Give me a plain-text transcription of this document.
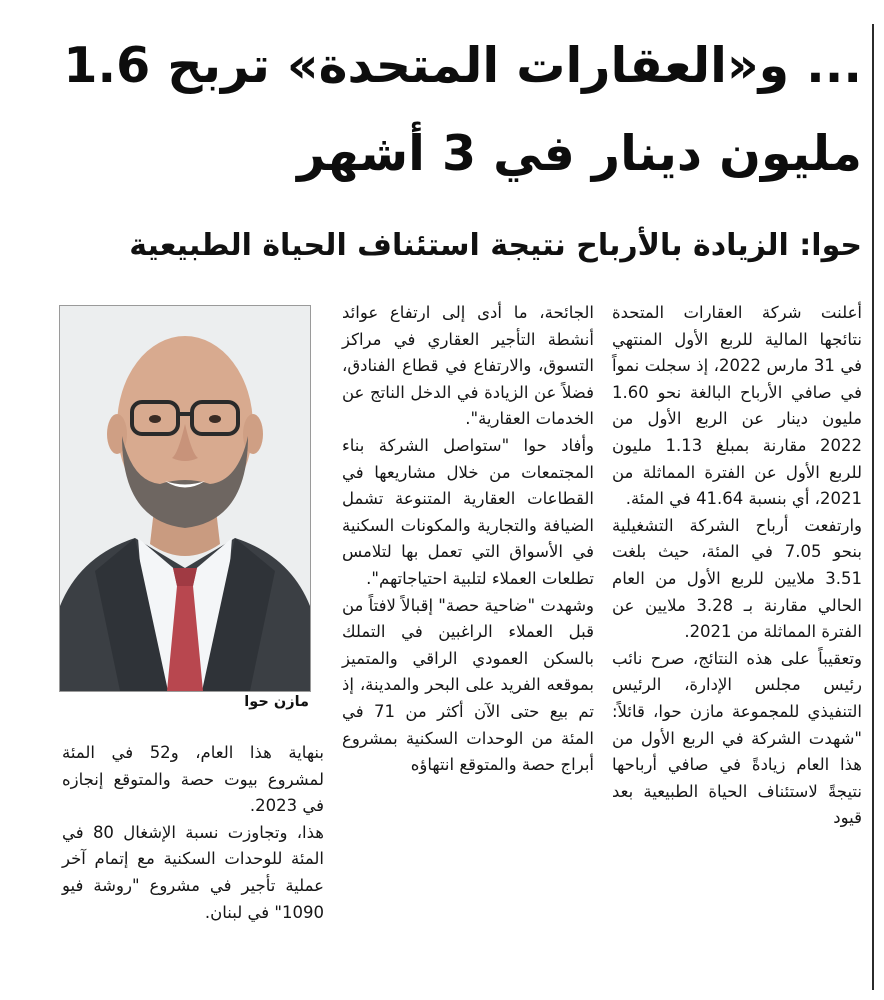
... و«العقارات المتحدة» تربح 1.6
مليون دينار في 3 أشهر
حوا: الزيادة بالأرباح نتيجة استئناف الحياة الطبيعية

أعلنت شركة العقارات المتحدة نتائجها المالية للربع الأول المنتهي في 31 مارس 2022، إذ سجلت نمواً في صافي الأرباح البالغة نحو 1.60 مليون دينار عن الربع الأول من 2022 مقارنة بمبلغ 1.13 مليون للربع الأول عن الفترة المماثلة من 2021، أي بنسبة 41.64 في المئة.

وارتفعت أرباح الشركة التشغيلية بنحو 7.05 في المئة، حيث بلغت 3.51 ملايين للربع الأول من العام الحالي مقارنة بـ 3.28 ملايين عن الفترة المماثلة من 2021.

وتعقيباً على هذه النتائج، صرح نائب رئيس مجلس الإدارة، الرئيس التنفيذي للمجموعة مازن حوا، قائلاً: "شهدت الشركة في الربع الأول من هذا العام زيادةً في صافي أرباحها نتيجةً لاستئناف الحياة الطبيعية بعد قيود

الجائحة، ما أدى إلى ارتفاع عوائد أنشطة التأجير العقاري في مراكز التسوق، والارتفاع في قطاع الفنادق، فضلاً عن الزيادة في الدخل الناتج عن الخدمات العقارية".

وأفاد حوا "ستواصل الشركة بناء المجتمعات من خلال مشاريعها في القطاعات العقارية المتنوعة تشمل الضيافة والتجارية والمكونات السكنية في الأسواق التي تعمل بها لتلامس تطلعات العملاء لتلبية احتياجاتهم".

وشهدت "ضاحية حصة" إقبالاً لافتاً من قبل العملاء الراغبين في التملك بالسكن العمودي الراقي والمتميز بموقعه الفريد على البحر والمدينة، إذ تم بيع حتى الآن أكثر من 71 في المئة من الوحدات السكنية بمشروع أبراج حصة والمتوقع انتهاؤه

مازن حوا

بنهاية هذا العام، و52 في المئة لمشروع بيوت حصة والمتوقع إنجازه في 2023.

هذا، وتجاوزت نسبة الإشغال 80 في المئة للوحدات السكنية مع إتمام آخر عملية تأجير في مشروع "روشة فيو 1090" في لبنان.
